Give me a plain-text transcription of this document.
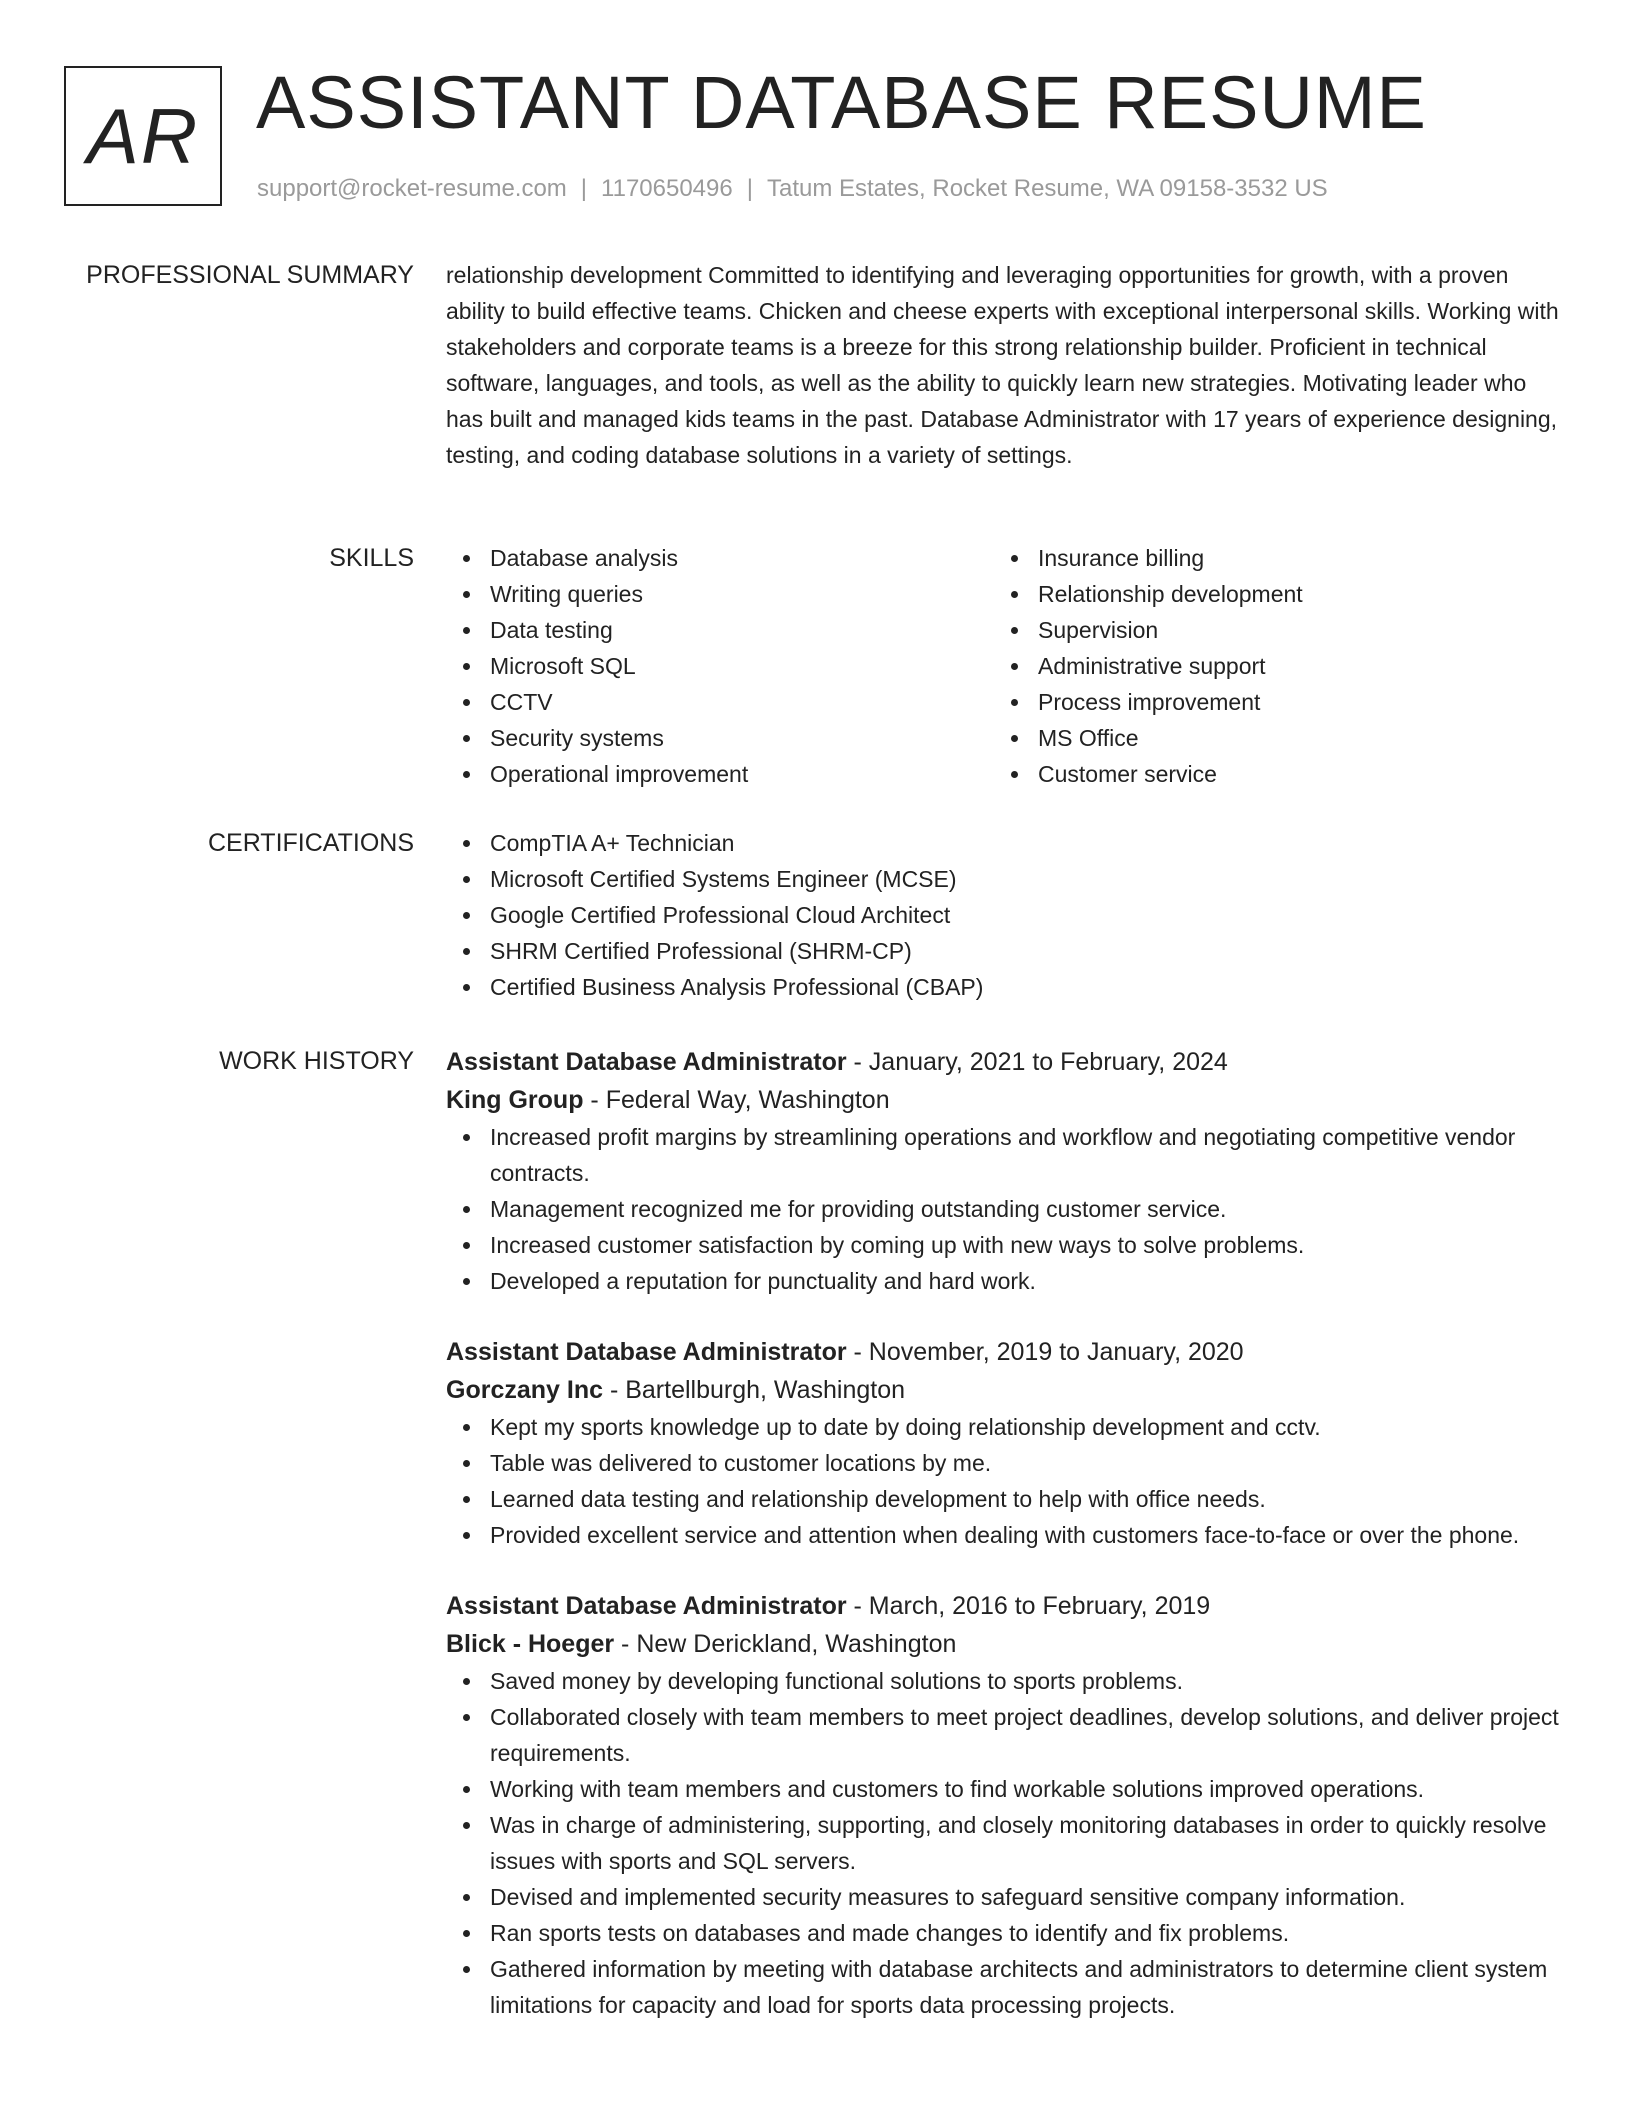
AR ASSISTANT DATABASE RESUME
support@rocket-resume.com | 1170650496 | Tatum Estates, Rocket Resume, WA 09158-3532 US
PROFESSIONAL SUMMARY relationship development Committed to identifying and leveraging opportunities for growth, with a proven ability to build effective teams. Chicken and cheese experts with exceptional interpersonal skills. Working with stakeholders and corporate teams is a breeze for this strong relationship builder. Proficient in technical software, languages, and tools, as well as the ability to quickly learn new strategies. Motivating leader who has built and managed kids teams in the past. Database Administrator with 17 years of experience designing, testing, and coding database solutions in a variety of settings.

SKILLS	Database analysis
Writing queries
Data testing
Microsoft SQL
CCTV
Security systems
Operational improvement
Insurance billing
Relationship development
Supervision
Administrative support
Process improvement
MS Office
Customer service
CERTIFICATIONS	CompTIA A+ Technician
Microsoft Certified Systems Engineer (MCSE)
Google Certified Professional Cloud Architect
SHRM Certified Professional (SHRM-CP)
Certified Business Analysis Professional (CBAP)
WORK HISTORY Assistant Database Administrator - January, 2021 to February, 2024
King Group - Federal Way, Washington
Increased profit margins by streamlining operations and workflow and negotiating competitive vendor contracts.
Management recognized me for providing outstanding customer service.
Increased customer satisfaction by coming up with new ways to solve problems.
Developed a reputation for punctuality and hard work.
Assistant Database Administrator - November, 2019 to January, 2020
Gorczany Inc - Bartellburgh, Washington
Kept my sports knowledge up to date by doing relationship development and cctv.
Table was delivered to customer locations by me.
Learned data testing and relationship development to help with office needs.
Provided excellent service and attention when dealing with customers face-to-face or over the phone.
Assistant Database Administrator - March, 2016 to February, 2019
Blick - Hoeger - New Derickland, Washington
Saved money by developing functional solutions to sports problems.
Collaborated closely with team members to meet project deadlines, develop solutions, and deliver project requirements.
Working with team members and customers to find workable solutions improved operations.
Was in charge of administering, supporting, and closely monitoring databases in order to quickly resolve issues with sports and SQL servers.
Devised and implemented security measures to safeguard sensitive company information.
Ran sports tests on databases and made changes to identify and fix problems.
Gathered information by meeting with database architects and administrators to determine client system limitations for capacity and load for sports data processing projects.
